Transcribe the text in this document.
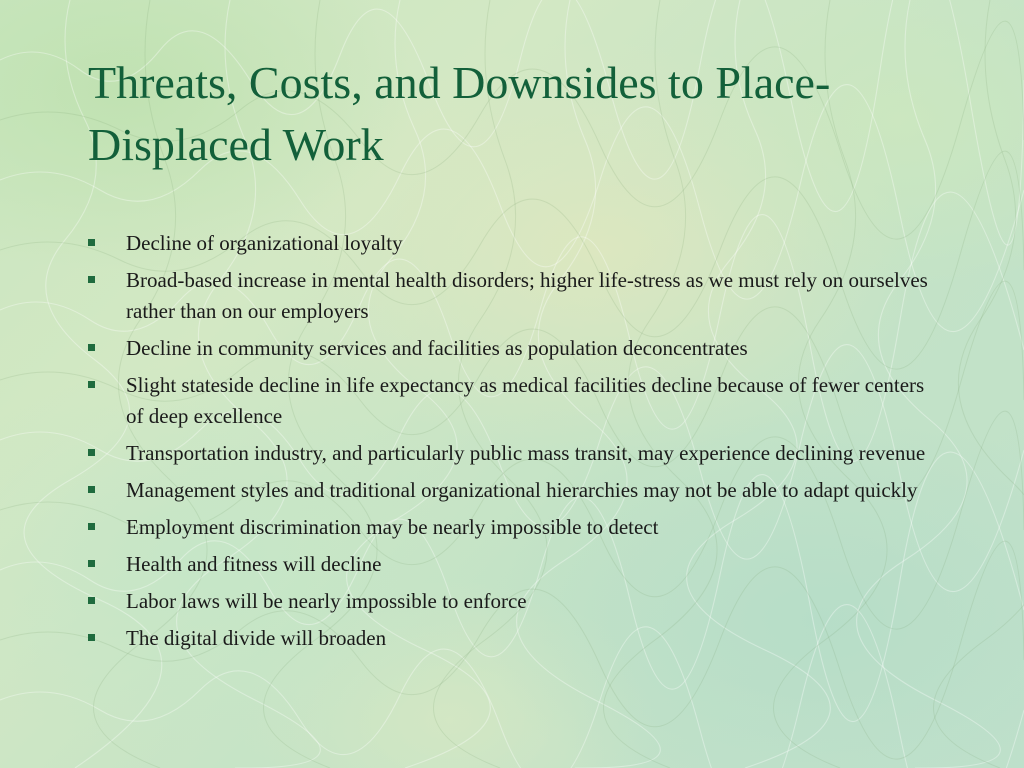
Threats, Costs, and Downsides to Place-Displaced Work
Decline of organizational loyalty
Broad-based increase in mental health disorders; higher life-stress as we must rely on ourselves rather than on our employers
Decline in community services and facilities as population deconcentrates
Slight stateside decline in life expectancy as medical facilities decline because of fewer centers of deep excellence
Transportation industry, and particularly public mass transit, may experience declining revenue
Management styles and traditional organizational hierarchies may not be able to adapt quickly
Employment discrimination may be nearly impossible to detect
Health and fitness will decline
Labor laws will be nearly impossible to enforce
The digital divide will broaden
